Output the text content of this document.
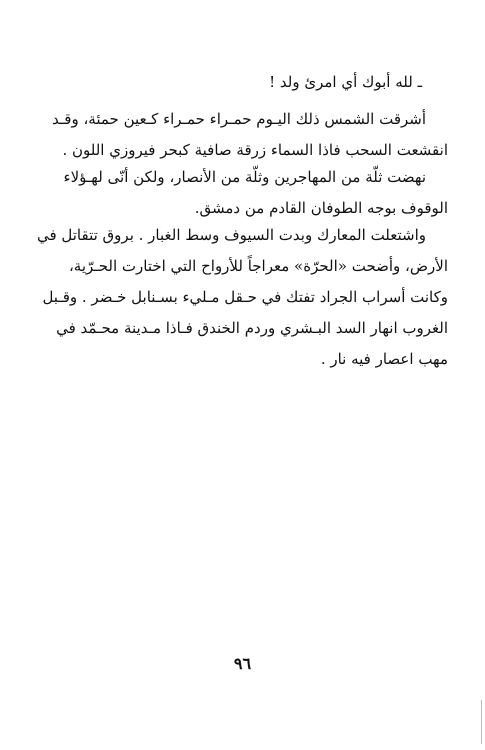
ـ لله أبوك أي امرئ ولد !
أشرقت الشمس ذلك اليـوم حمـراء حمـراء كـعين حمئة، وقـد
انقشعت السحب فاذا السماء زرقة صافية كبحر فيروزي اللون .
نهضت ثلّة من المهاجرين وثلّة من الأنصار، ولكن أنّى لهـؤلاء
الوقوف بوجه الطوفان القادم من دمشق.
واشتعلت المعارك وبدت السيوف وسط الغبار . بروق تتقاتل في
الأرض، وأضحت «الحرّة» معراجاً للأرواح التي اختارت الحـرّية،
وكانت أسراب الجراد تفتك في حـقل مـليء بسـنابل خـضر . وقـبل
الغروب انهار السد البـشري وردم الخندق فـاذا مـدينة محـمّد في
مهب اعصار فيه نار .
٩٦
